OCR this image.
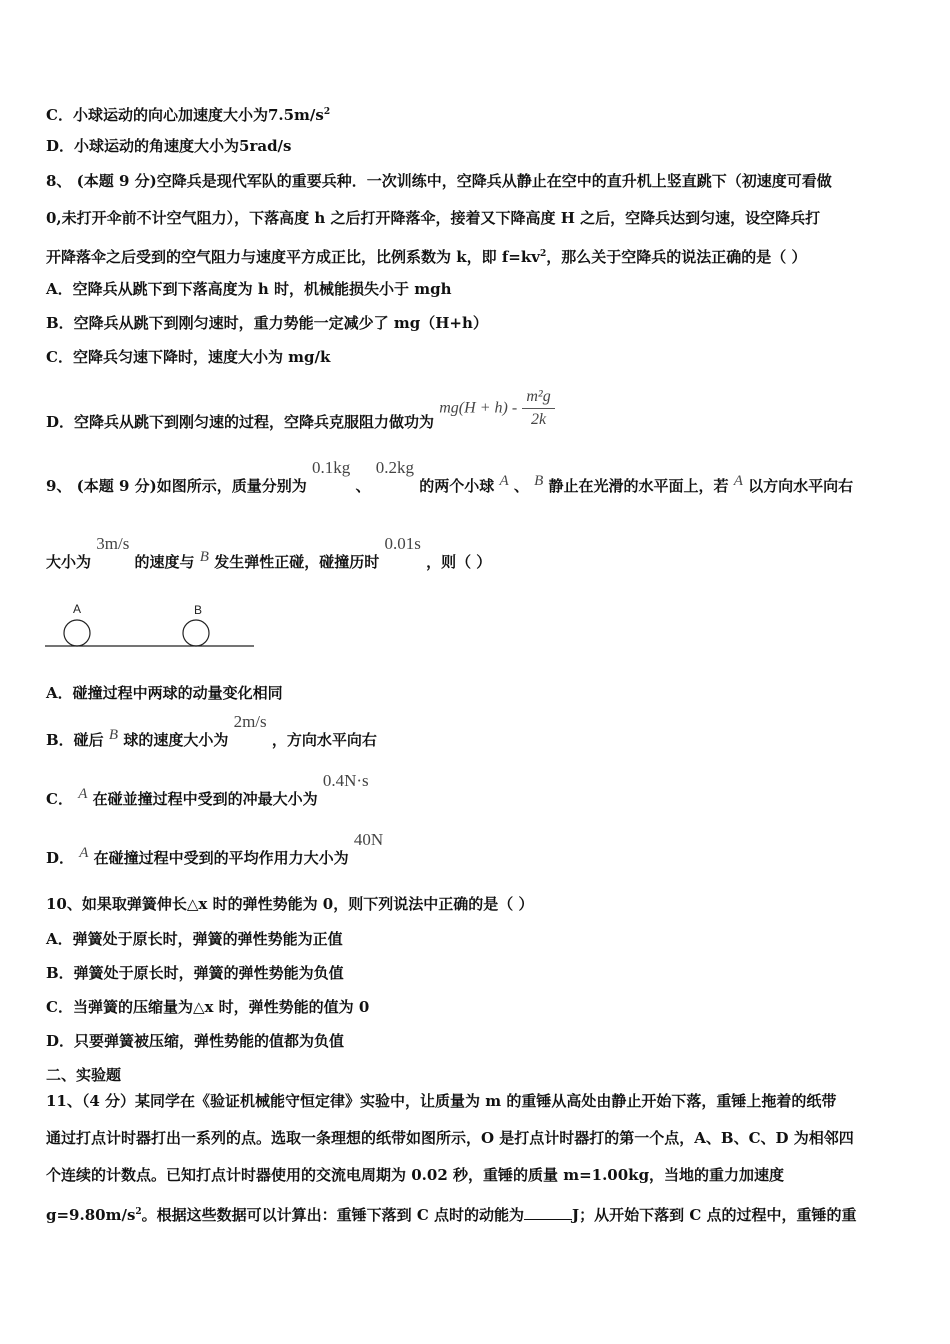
C．小球运动的向心加速度大小为$7.5m/s^2$
D．小球运动的角速度大小为5rad/s
8、 (本题 9 分)空降兵是现代军队的重要兵种．一次训练中，空降兵从静止在空中的直升机上竖直跳下（初速度可看做
0,未打开伞前不计空气阻力），下落高度 h 之后打开降落伞，接着又下降高度 H 之后，空降兵达到匀速，设空降兵打
开降落伞之后受到的空气阻力与速度平方成正比，比例系数为 k，即 $f=kv^2$，那么关于空降兵的说法正确的是（ ）
A．空降兵从跳下到下落高度为 h 时，机械能损失小于 mgh
B．空降兵从跳下到刚匀速时，重力势能一定减少了 mg（H+h）
C．空降兵匀速下降时，速度大小为 mg/k
D．空降兵从跳下到刚匀速的过程，空降兵克服阻力做功为 $mg(H + h) - \frac{\text{m²g}}{2k}$
9、 (本题 9 分)如图所示，质量分别为 0.1kg 、 0.2kg 的两个小球 A 、 B 静止在光滑的水平面上，若 A 以方向水平向右
大小为 3m/s 的速度与 B 发生弹性正碰，碰撞历时 0.01s ，则（ ）
A	B
A．碰撞过程中两球的动量变化相同
B．碰后 B 球的速度大小为 2m/s ，方向水平向右
C． A 在碰並撞过程中受到的冲最大小为 0.4N·s
D． A 在碰撞过程中受到的平均作用力大小为 40N
10、如果取弹簧伸长△x 时的弹性势能为 0，则下列说法中正确的是（ ）
A．弹簧处于原长时，弹簧的弹性势能为正值
B．弹簧处于原长时，弹簧的弹性势能为负值
C．当弹簧的压缩量为△x 时，弹性势能的值为 0
D．只要弹簧被压缩，弹性势能的值都为负值
二、实验题
11、（4 分）某同学在《验证机械能守恒定律》实验中，让质量为 m 的重锤从高处由静止开始下落，重锤上拖着的纸带
通过打点计时器打出一系列的点。选取一条理想的纸带如图所示，O 是打点计时器打的第一个点，A、B、C、D 为相邻四
个连续的计数点。已知打点计时器使用的交流电周期为 0.02 秒，重锤的质量 m=1.00kg，当地的重力加速度
$g=9.80m/s^2$。根据这些数据可以计算出：重锤下落到 C 点时的动能为	J；从开始下落到 C 点的过程中，重锤的重
